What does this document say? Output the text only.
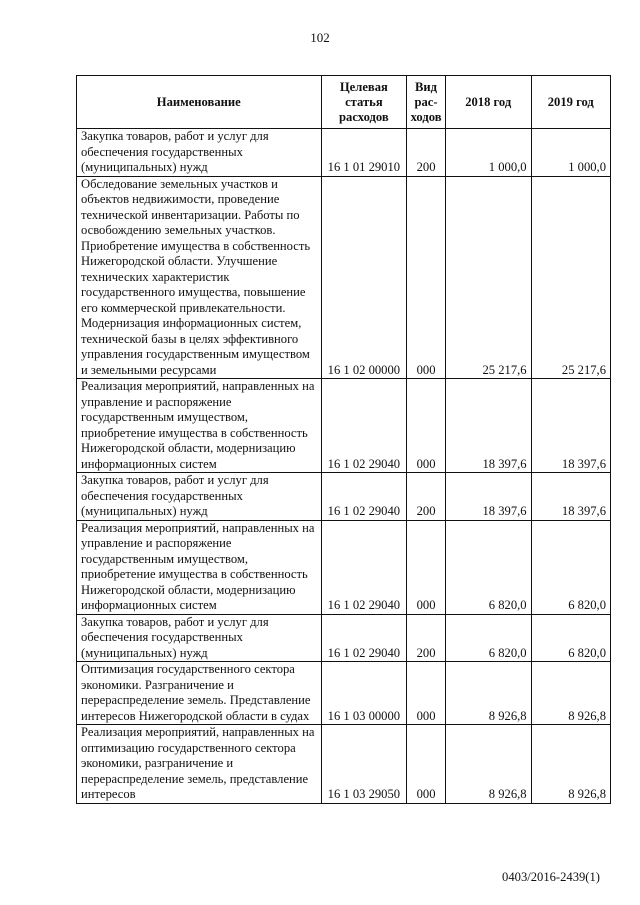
102
Наименование	Целевая статья расходов	Вид рас-ходов	2018 год	2019 год
Закупка товаров, работ и услуг для обеспечения государственных (муниципальных) нужд	16 1 01 29010	200	1 000,0	1 000,0
Обследование земельных участков и объектов недвижимости, проведение технической инвентаризации. Работы по освобождению земельных участков. Приобретение имущества в собственность Нижегородской области. Улучшение технических характеристик государственного имущества, повышение его коммерческой привлекательности. Модернизация информационных систем, технической базы в целях эффективного управления государственным имуществом и земельными ресурсами	16 1 02 00000	000	25 217,6	25 217,6
Реализация мероприятий, направленных на управление и распоряжение государственным имуществом, приобретение имущества в собственность Нижегородской области, модернизацию информационных систем	16 1 02 29040	000	18 397,6	18 397,6
Закупка товаров, работ и услуг для обеспечения государственных (муниципальных) нужд	16 1 02 29040	200	18 397,6	18 397,6
Реализация мероприятий, направленных на управление и распоряжение государственным имуществом, приобретение имущества в собственность Нижегородской области, модернизацию информационных систем	16 1 02 29040	000	6 820,0	6 820,0
Закупка товаров, работ и услуг для обеспечения государственных (муниципальных) нужд	16 1 02 29040	200	6 820,0	6 820,0
Оптимизация государственного сектора экономики. Разграничение и перераспределение земель. Представление интересов Нижегородской области в судах	16 1 03 00000	000	8 926,8	8 926,8
Реализация мероприятий, направленных на оптимизацию государственного сектора экономики, разграничение и перераспределение земель, представление интересов	16 1 03 29050	000	8 926,8	8 926,8
0403/2016-2439(1)
